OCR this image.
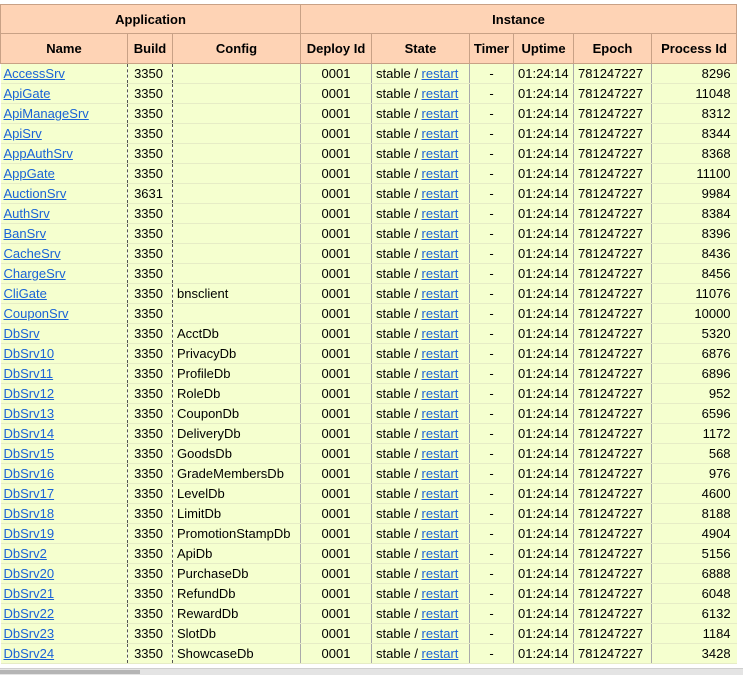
Application			Instance					
Name	Build	Config	Deploy Id	State	Timer	Uptime	Epoch	Process Id
AccessSrv	3350		0001	stable / restart	-	01:24:14	781247227	8296
ApiGate	3350		0001	stable / restart	-	01:24:14	781247227	11048
ApiManageSrv	3350		0001	stable / restart	-	01:24:14	781247227	8312
ApiSrv	3350		0001	stable / restart	-	01:24:14	781247227	8344
AppAuthSrv	3350		0001	stable / restart	-	01:24:14	781247227	8368
AppGate	3350		0001	stable / restart	-	01:24:14	781247227	11100
AuctionSrv	3631		0001	stable / restart	-	01:24:14	781247227	9984
AuthSrv	3350		0001	stable / restart	-	01:24:14	781247227	8384
BanSrv	3350		0001	stable / restart	-	01:24:14	781247227	8396
CacheSrv	3350		0001	stable / restart	-	01:24:14	781247227	8436
ChargeSrv	3350		0001	stable / restart	-	01:24:14	781247227	8456
CliGate	3350	bnsclient	0001	stable / restart	-	01:24:14	781247227	11076
CouponSrv	3350		0001	stable / restart	-	01:24:14	781247227	10000
DbSrv	3350	AcctDb	0001	stable / restart	-	01:24:14	781247227	5320
DbSrv10	3350	PrivacyDb	0001	stable / restart	-	01:24:14	781247227	6876
DbSrv11	3350	ProfileDb	0001	stable / restart	-	01:24:14	781247227	6896
DbSrv12	3350	RoleDb	0001	stable / restart	-	01:24:14	781247227	952
DbSrv13	3350	CouponDb	0001	stable / restart	-	01:24:14	781247227	6596
DbSrv14	3350	DeliveryDb	0001	stable / restart	-	01:24:14	781247227	1172
DbSrv15	3350	GoodsDb	0001	stable / restart	-	01:24:14	781247227	568
DbSrv16	3350	GradeMembersDb	0001	stable / restart	-	01:24:14	781247227	976
DbSrv17	3350	LevelDb	0001	stable / restart	-	01:24:14	781247227	4600
DbSrv18	3350	LimitDb	0001	stable / restart	-	01:24:14	781247227	8188
DbSrv19	3350	PromotionStampDb	0001	stable / restart	-	01:24:14	781247227	4904
DbSrv2	3350	ApiDb	0001	stable / restart	-	01:24:14	781247227	5156
DbSrv20	3350	PurchaseDb	0001	stable / restart	-	01:24:14	781247227	6888
DbSrv21	3350	RefundDb	0001	stable / restart	-	01:24:14	781247227	6048
DbSrv22	3350	RewardDb	0001	stable / restart	-	01:24:14	781247227	6132
DbSrv23	3350	SlotDb	0001	stable / restart	-	01:24:14	781247227	1184
DbSrv24	3350	ShowcaseDb	0001	stable / restart	-	01:24:14	781247227	3428
